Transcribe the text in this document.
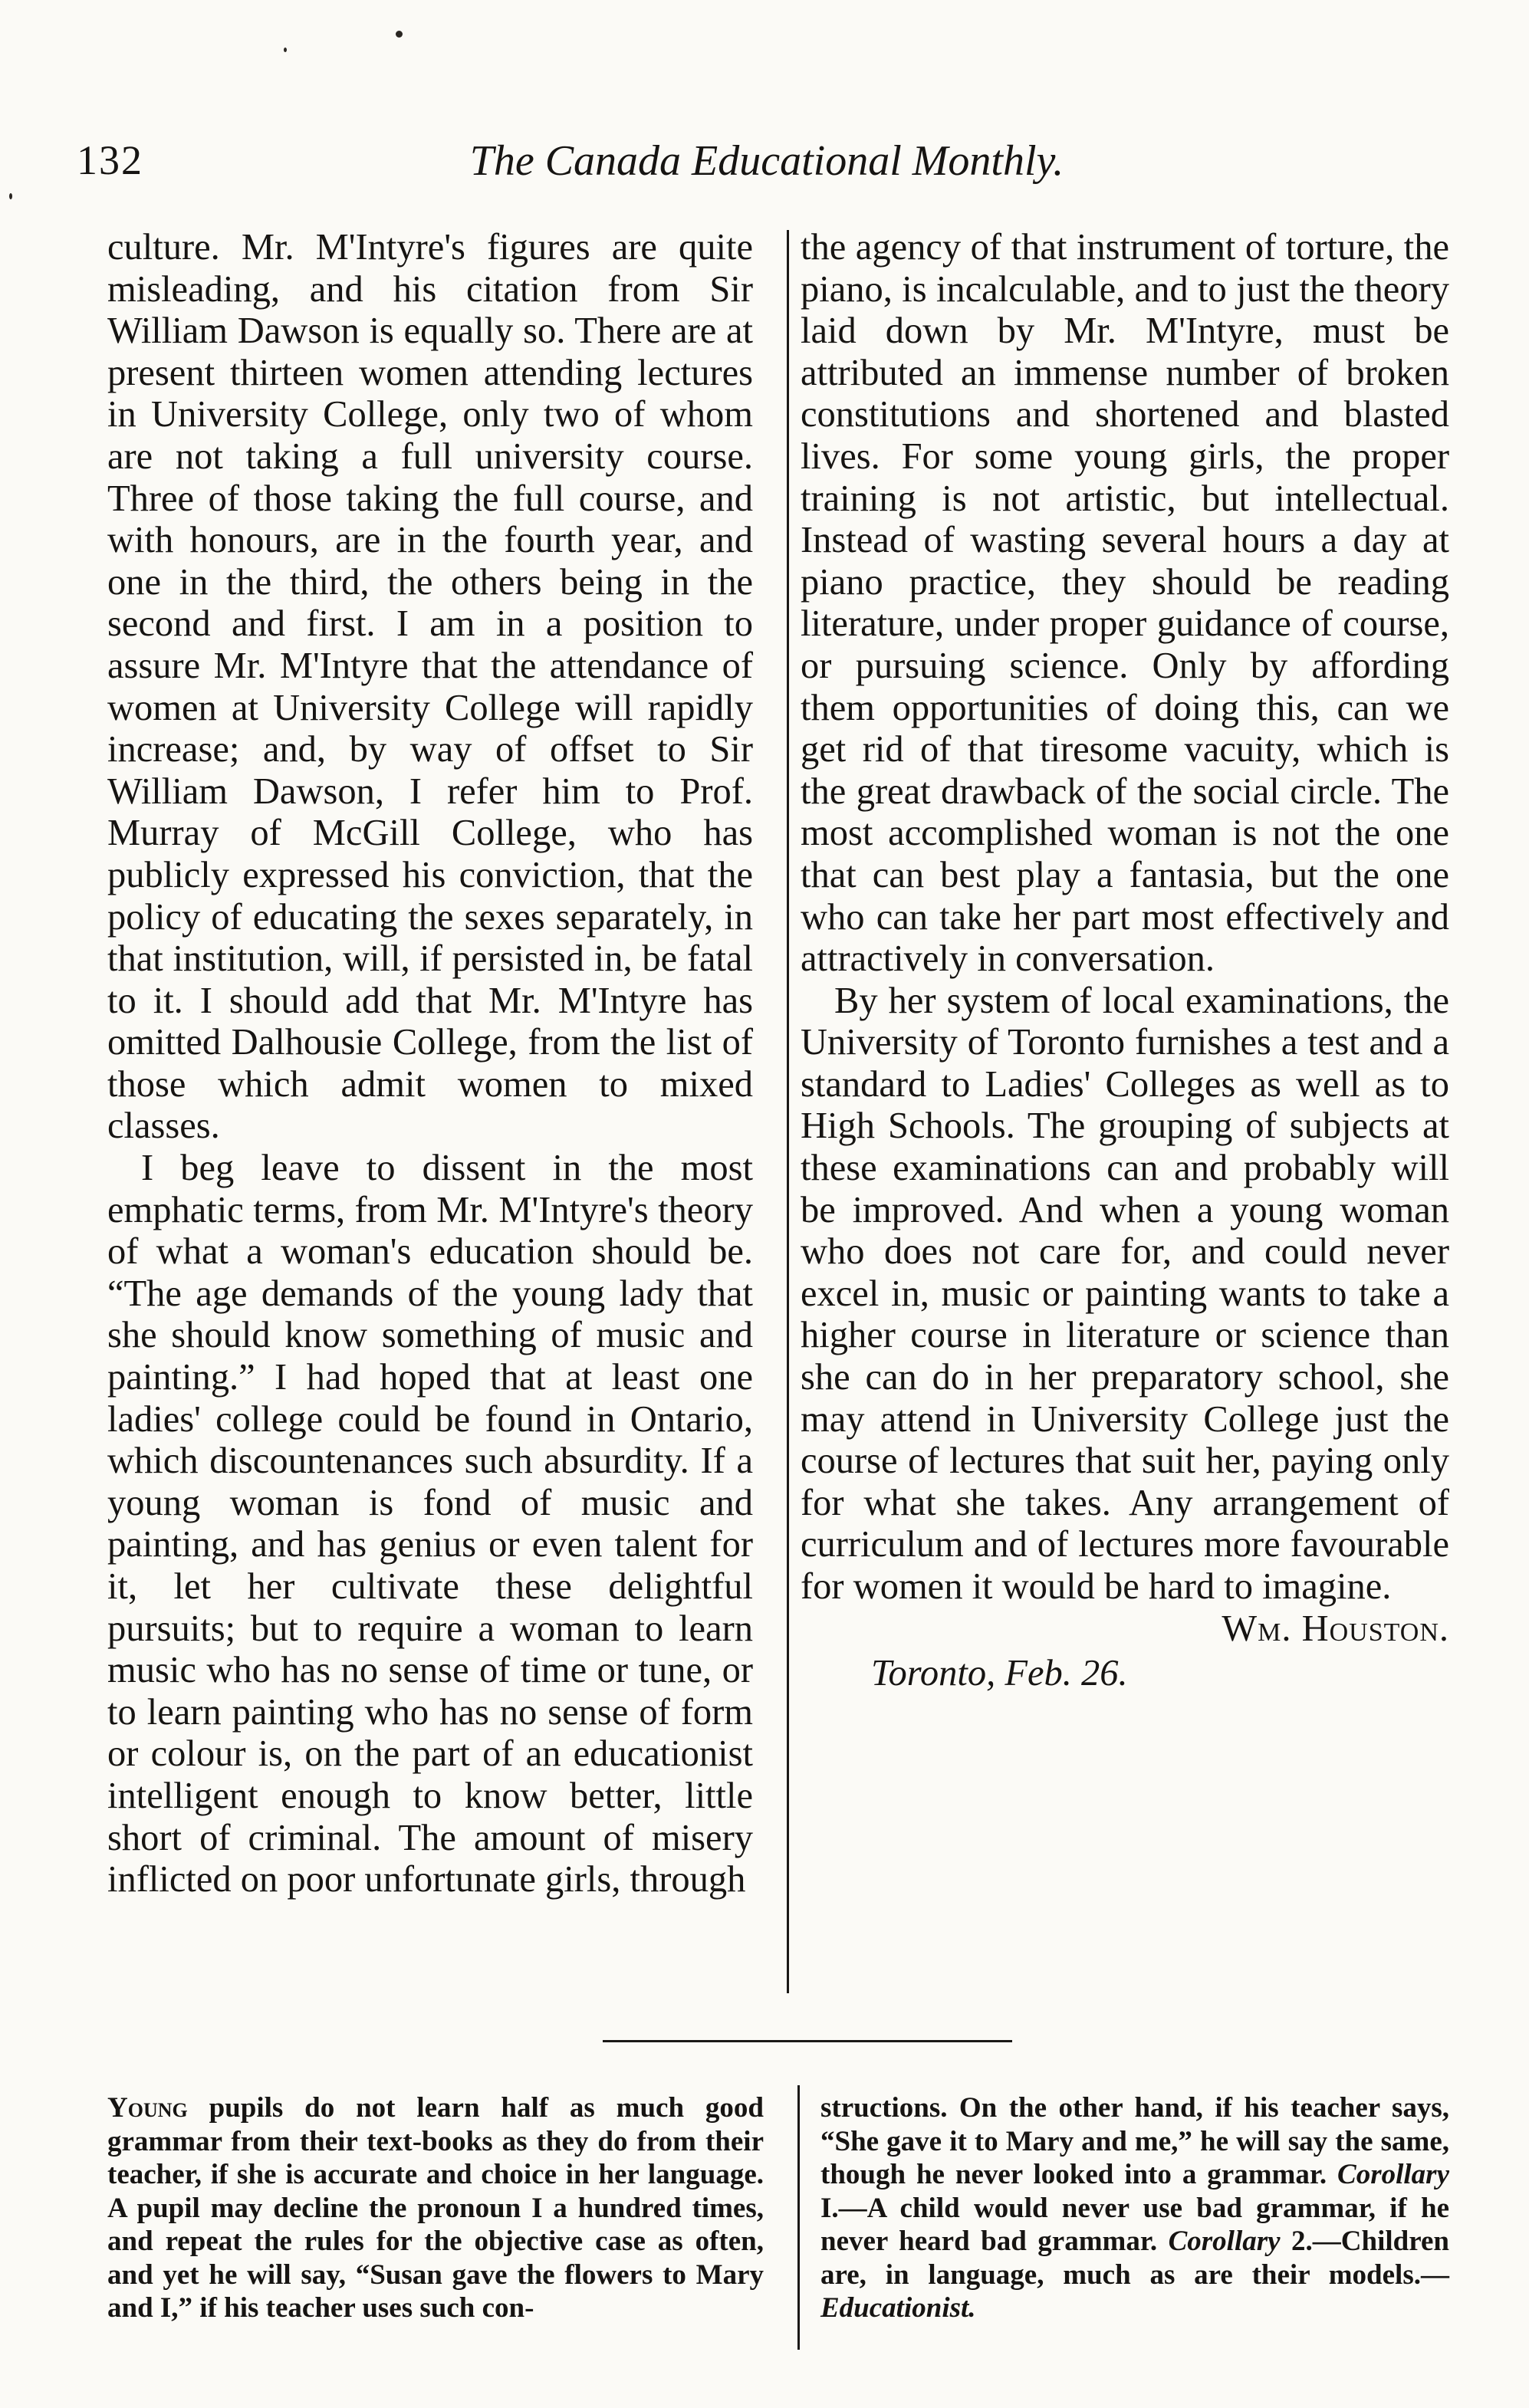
132	The Canada Educational Monthly.

culture. Mr. M'Intyre's figures are quite misleading, and his citation from Sir William Dawson is equally so. There are at present thirteen women attending lectures in University College, only two of whom are not taking a full university course. Three of those taking the full course, and with honours, are in the fourth year, and one in the third, the others being in the second and first. I am in a position to assure Mr. M'Intyre that the attendance of women at University College will rapidly increase; and, by way of offset to Sir William Dawson, I refer him to Prof. Murray of McGill College, who has publicly expressed his conviction, that the policy of educating the sexes separately, in that institution, will, if persisted in, be fatal to it. I should add that Mr. M'Intyre has omitted Dalhousie College, from the list of those which admit women to mixed classes.

I beg leave to dissent in the most emphatic terms, from Mr. M'Intyre's theory of what a woman's education should be. “The age demands of the young lady that she should know something of music and painting.” I had hoped that at least one ladies' college could be found in Ontario, which discountenances such absurdity. If a young woman is fond of music and painting, and has genius or even talent for it, let her cultivate these delightful pursuits; but to require a woman to learn music who has no sense of time or tune, or to learn painting who has no sense of form or colour is, on the part of an educationist intelligent enough to know better, little short of criminal. The amount of misery inflicted on poor unfortunate girls, through

the agency of that instrument of torture, the piano, is incalculable, and to just the theory laid down by Mr. M'Intyre, must be attributed an immense number of broken constitutions and shortened and blasted lives. For some young girls, the proper training is not artistic, but intellectual. Instead of wasting several hours a day at piano practice, they should be reading literature, under proper guidance of course, or pursuing science. Only by affording them opportunities of doing this, can we get rid of that tiresome vacuity, which is the great drawback of the social circle. The most accomplished woman is not the one that can best play a fantasia, but the one who can take her part most effectively and attractively in conversation.

By her system of local examinations, the University of Toronto furnishes a test and a standard to Ladies' Colleges as well as to High Schools. The grouping of subjects at these examinations can and probably will be improved. And when a young woman who does not care for, and could never excel in, music or painting wants to take a higher course in literature or science than she can do in her preparatory school, she may attend in University College just the course of lectures that suit her, paying only for what she takes. Any arrangement of curriculum and of lectures more favourable for women it would be hard to imagine.

Wm. Houston.

Toronto, Feb. 26.

Young pupils do not learn half as much good grammar from their text-books as they do from their teacher, if she is accurate and choice in her language. A pupil may decline the pronoun I a hundred times, and repeat the rules for the objective case as often, and yet he will say, “Susan gave the flowers to Mary and I,” if his teacher uses such con-

structions. On the other hand, if his teacher says, “She gave it to Mary and me,” he will say the same, though he never looked into a grammar. Corollary I.—A child would never use bad grammar, if he never heard bad grammar. Corollary 2.—Children are, in language, much as are their models.—Educationist.
